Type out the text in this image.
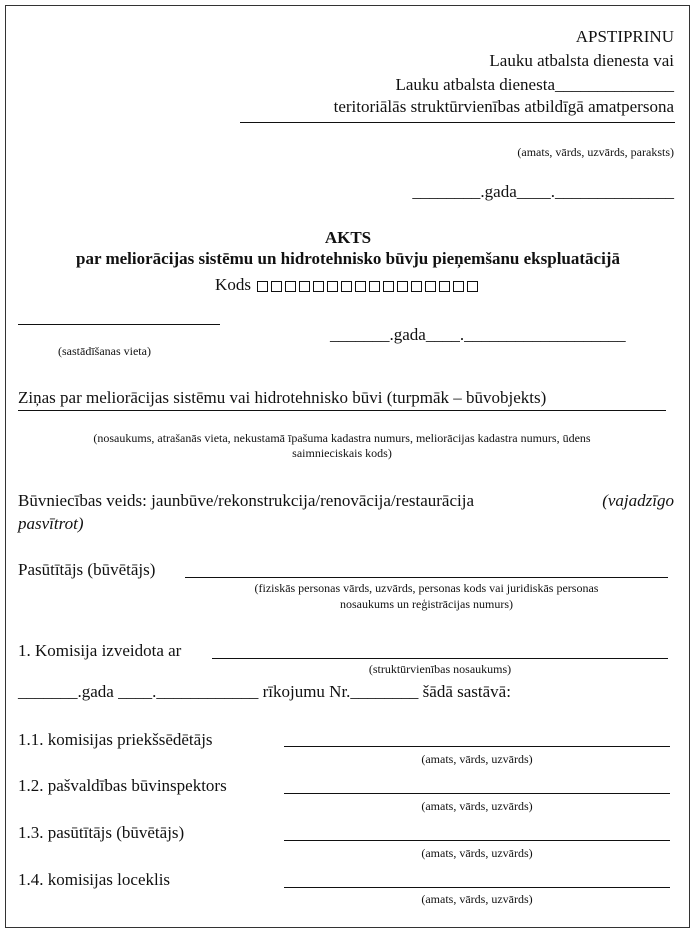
APSTIPRINU
Lauku atbalsta dienesta vai
Lauku atbalsta dienesta______________
teritoriālās struktūrvienības atbildīgā amatpersona
(amats, vārds, uzvārds, paraksts)
________.gada____.______________
AKTS
par meliorācijas sistēmu un hidrotehnisko būvju pieņemšanu ekspluatācijā
Kods
(sastādīšanas vieta)
_______.gada____.___________________
Ziņas par meliorācijas sistēmu vai hidrotehnisko būvi (turpmāk – būvobjekts)
(nosaukums, atrašanās vieta, nekustamā īpašuma kadastra numurs, meliorācijas kadastra numurs, ūdens
saimnieciskais kods)
Būvniecības veids: jaunbūve/rekonstrukcija/renovācija/restaurācija	(vajadzīgo
pasvītrot)
Pasūtītājs (būvētājs)
(fiziskās personas vārds, uzvārds, personas kods vai juridiskās personas
nosaukums un reģistrācijas numurs)
1. Komisija izveidota ar
(struktūrvienības nosaukums)
_______.gada ____.____________ rīkojumu Nr.________ šādā sastāvā:
1.1. komisijas priekšsēdētājs
(amats, vārds, uzvārds)
1.2. pašvaldības būvinspektors
(amats, vārds, uzvārds)
1.3. pasūtītājs (būvētājs)
(amats, vārds, uzvārds)
1.4. komisijas loceklis
(amats, vārds, uzvārds)
